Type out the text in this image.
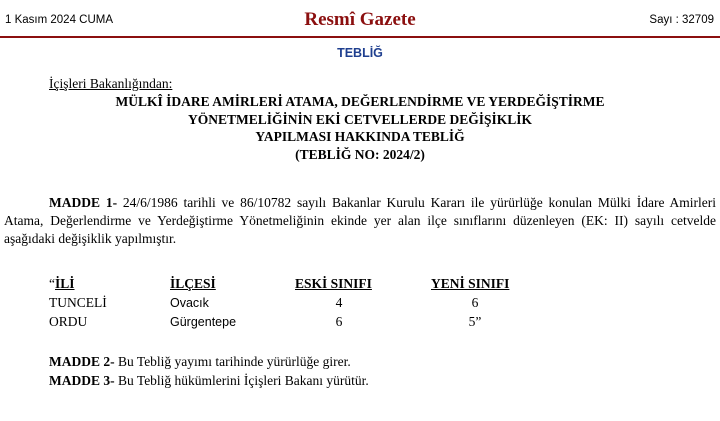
1 Kasım 2024 CUMA	Resmî Gazete	Sayı : 32709
TEBLİĞ
İçişleri Bakanlığından:
MÜLKÎ İDARE AMİRLERİ ATAMA, DEĞERLENDİRME VE YERDEĞİŞTİRME
YÖNETMELİĞİNİN EKİ CETVELLERDE DEĞİŞİKLİK
YAPILMASI HAKKINDA TEBLİĞ
(TEBLİĞ NO: 2024/2)
MADDE 1- 24/6/1986 tarihli ve 86/10782 sayılı Bakanlar Kurulu Kararı ile yürürlüğe konulan Mülki İdare Amirleri Atama, Değerlendirme ve Yerdeğiştirme Yönetmeliğinin ekinde yer alan ilçe sınıflarını düzenleyen (EK: II) sayılı cetvelde aşağıdaki değişiklik yapılmıştır.
“İLİ	İLÇESİ	ESKİ SINIFI	YENİ SINIFI
TUNCELİ	Ovacık	4	6
ORDU	Gürgentepe	6	5”
MADDE 2- Bu Tebliğ yayımı tarihinde yürürlüğe girer.
MADDE 3- Bu Tebliğ hükümlerini İçişleri Bakanı yürütür.
